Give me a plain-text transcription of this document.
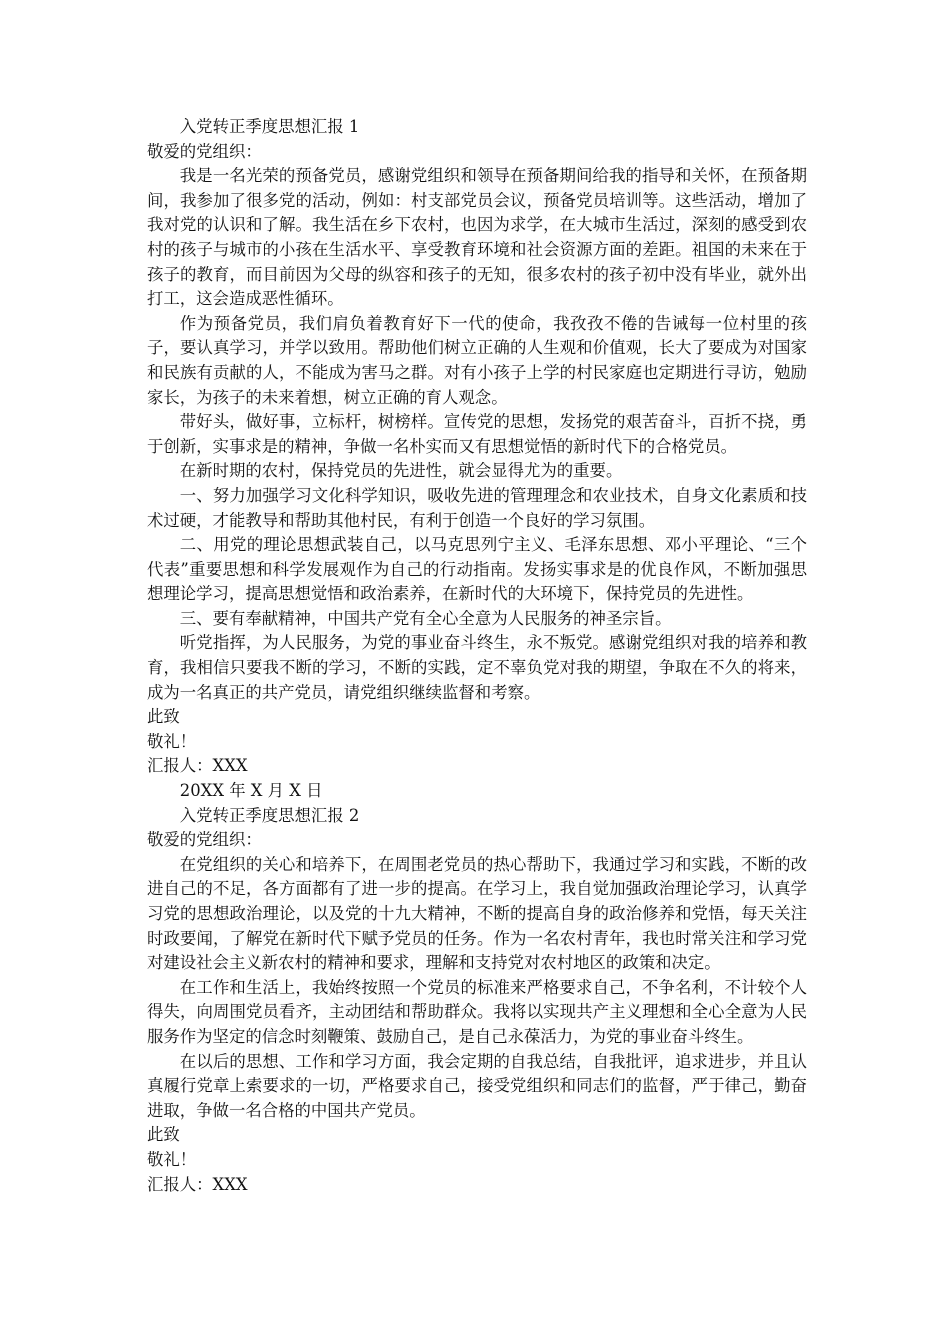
入党转正季度思想汇报 1

敬爱的党组织：

我是一名光荣的预备党员，感谢党组织和领导在预备期间给我的指导和关怀，在预备期间，我参加了很多党的活动，例如：村支部党员会议，预备党员培训等。这些活动，增加了我对党的认识和了解。我生活在乡下农村，也因为求学，在大城市生活过，深刻的感受到农村的孩子与城市的小孩在生活水平、享受教育环境和社会资源方面的差距。祖国的未来在于孩子的教育，而目前因为父母的纵容和孩子的无知，很多农村的孩子初中没有毕业，就外出打工，这会造成恶性循环。

作为预备党员，我们肩负着教育好下一代的使命，我孜孜不倦的告诫每一位村里的孩子，要认真学习，并学以致用。帮助他们树立正确的人生观和价值观，长大了要成为对国家和民族有贡献的人，不能成为害马之群。对有小孩子上学的村民家庭也定期进行寻访，勉励家长，为孩子的未来着想，树立正确的育人观念。

带好头，做好事，立标杆，树榜样。宣传党的思想，发扬党的艰苦奋斗，百折不挠，勇于创新，实事求是的精神，争做一名朴实而又有思想觉悟的新时代下的合格党员。

在新时期的农村，保持党员的先进性，就会显得尤为的重要。

一、努力加强学习文化科学知识，吸收先进的管理理念和农业技术，自身文化素质和技术过硬，才能教导和帮助其他村民，有利于创造一个良好的学习氛围。

二、用党的理论思想武装自己，以马克思列宁主义、毛泽东思想、邓小平理论、“三个代表”重要思想和科学发展观作为自己的行动指南。发扬实事求是的优良作风，不断加强思想理论学习，提高思想觉悟和政治素养，在新时代的大环境下，保持党员的先进性。

三、要有奉献精神，中国共产党有全心全意为人民服务的神圣宗旨。

听党指挥，为人民服务，为党的事业奋斗终生，永不叛党。感谢党组织对我的培养和教育，我相信只要我不断的学习，不断的实践，定不辜负党对我的期望，争取在不久的将来，成为一名真正的共产党员，请党组织继续监督和考察。

此致

敬礼！

汇报人：XXX

20XX 年 X 月 X 日

入党转正季度思想汇报 2

敬爱的党组织：

在党组织的关心和培养下，在周围老党员的热心帮助下，我通过学习和实践，不断的改进自己的不足，各方面都有了进一步的提高。在学习上，我自觉加强政治理论学习，认真学习党的思想政治理论，以及党的十九大精神，不断的提高自身的政治修养和党悟，每天关注时政要闻，了解党在新时代下赋予党员的任务。作为一名农村青年，我也时常关注和学习党对建设社会主义新农村的精神和要求，理解和支持党对农村地区的政策和决定。

在工作和生活上，我始终按照一个党员的标准来严格要求自己，不争名利，不计较个人得失，向周围党员看齐，主动团结和帮助群众。我将以实现共产主义理想和全心全意为人民服务作为坚定的信念时刻鞭策、鼓励自己，是自己永葆活力，为党的事业奋斗终生。

在以后的思想、工作和学习方面，我会定期的自我总结，自我批评，追求进步，并且认真履行党章上索要求的一切，严格要求自己，接受党组织和同志们的监督，严于律己，勤奋进取，争做一名合格的中国共产党员。

此致

敬礼！

汇报人：XXX
